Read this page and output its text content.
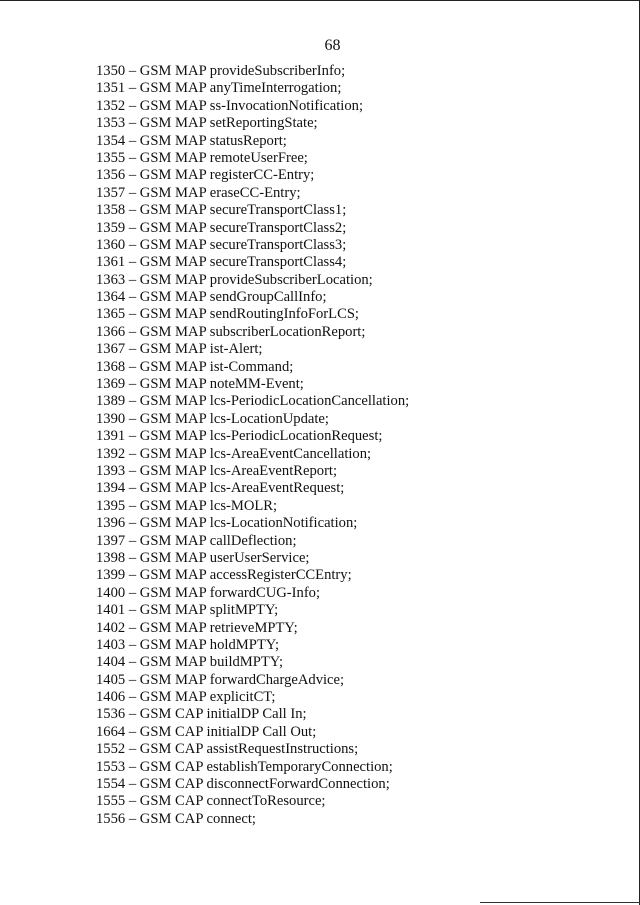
68
1350 – GSM MAP provideSubscriberInfo;
1351 – GSM MAP anyTimeInterrogation;
1352 – GSM MAP ss-InvocationNotification;
1353 – GSM MAP setReportingState;
1354 – GSM MAP statusReport;
1355 – GSM MAP remoteUserFree;
1356 – GSM MAP registerCC-Entry;
1357 – GSM MAP eraseCC-Entry;
1358 – GSM MAP secureTransportClass1;
1359 – GSM MAP secureTransportClass2;
1360 – GSM MAP secureTransportClass3;
1361 – GSM MAP secureTransportClass4;
1363 – GSM MAP provideSubscriberLocation;
1364 – GSM MAP sendGroupCallInfo;
1365 – GSM MAP sendRoutingInfoForLCS;
1366 – GSM MAP subscriberLocationReport;
1367 – GSM MAP ist-Alert;
1368 – GSM MAP ist-Command;
1369 – GSM MAP noteMM-Event;
1389 – GSM MAP lcs-PeriodicLocationCancellation;
1390 – GSM MAP lcs-LocationUpdate;
1391 – GSM MAP lcs-PeriodicLocationRequest;
1392 – GSM MAP lcs-AreaEventCancellation;
1393 – GSM MAP lcs-AreaEventReport;
1394 – GSM MAP lcs-AreaEventRequest;
1395 – GSM MAP lcs-MOLR;
1396 – GSM MAP lcs-LocationNotification;
1397 – GSM MAP callDeflection;
1398 – GSM MAP userUserService;
1399 – GSM MAP accessRegisterCCEntry;
1400 – GSM MAP forwardCUG-Info;
1401 – GSM MAP splitMPTY;
1402 – GSM MAP retrieveMPTY;
1403 – GSM MAP holdMPTY;
1404 – GSM MAP buildMPTY;
1405 – GSM MAP forwardChargeAdvice;
1406 – GSM MAP explicitCT;
1536 – GSM CAP initialDP Call In;
1664 – GSM CAP initialDP Call Out;
1552 – GSM CAP assistRequestInstructions;
1553 – GSM CAP establishTemporaryConnection;
1554 – GSM CAP disconnectForwardConnection;
1555 – GSM CAP connectToResource;
1556 – GSM CAP connect;
